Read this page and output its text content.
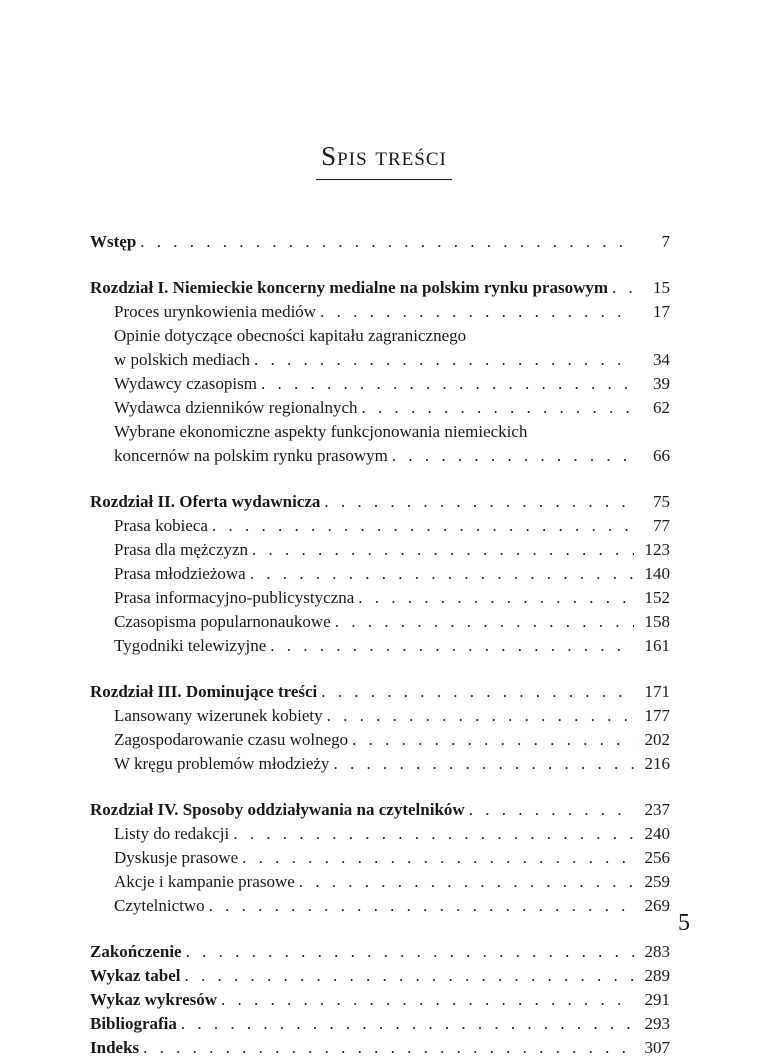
Spis treści
Wstęp . . .	7
Rozdział I. Niemieckie koncerny medialne na polskim rynku prasowym . . .	15
Proces urynkowienia mediów . . .	17
Opinie dotyczące obecności kapitału zagranicznego
w polskich mediach . . .	34
Wydawcy czasopism . . .	39
Wydawca dzienników regionalnych . . .	62
Wybrane ekonomiczne aspekty funkcjonowania niemieckich
koncernów na polskim rynku prasowym . . .	66
Rozdział II. Oferta wydawnicza . . .	75
Prasa kobieca . . .	77
Prasa dla mężczyzn . . .	123
Prasa młodzieżowa . . .	140
Prasa informacyjno-publicystyczna . . .	152
Czasopisma popularnonaukowe . . .	158
Tygodniki telewizyjne . . .	161
Rozdział III. Dominujące treści . . .	171
Lansowany wizerunek kobiety . . .	177
Zagospodarowanie czasu wolnego . . .	202
W kręgu problemów młodzieży . . .	216
Rozdział IV. Sposoby oddziaływania na czytelników . . .	237
Listy do redakcji . . .	240
Dyskusje prasowe . . .	256
Akcje i kampanie prasowe . . .	259
Czytelnictwo . . .	269
Zakończenie . . .	283
Wykaz tabel . . .	289
Wykaz wykresów . . .	291
Bibliografia . . .	293
Indeks . . .	307
5
